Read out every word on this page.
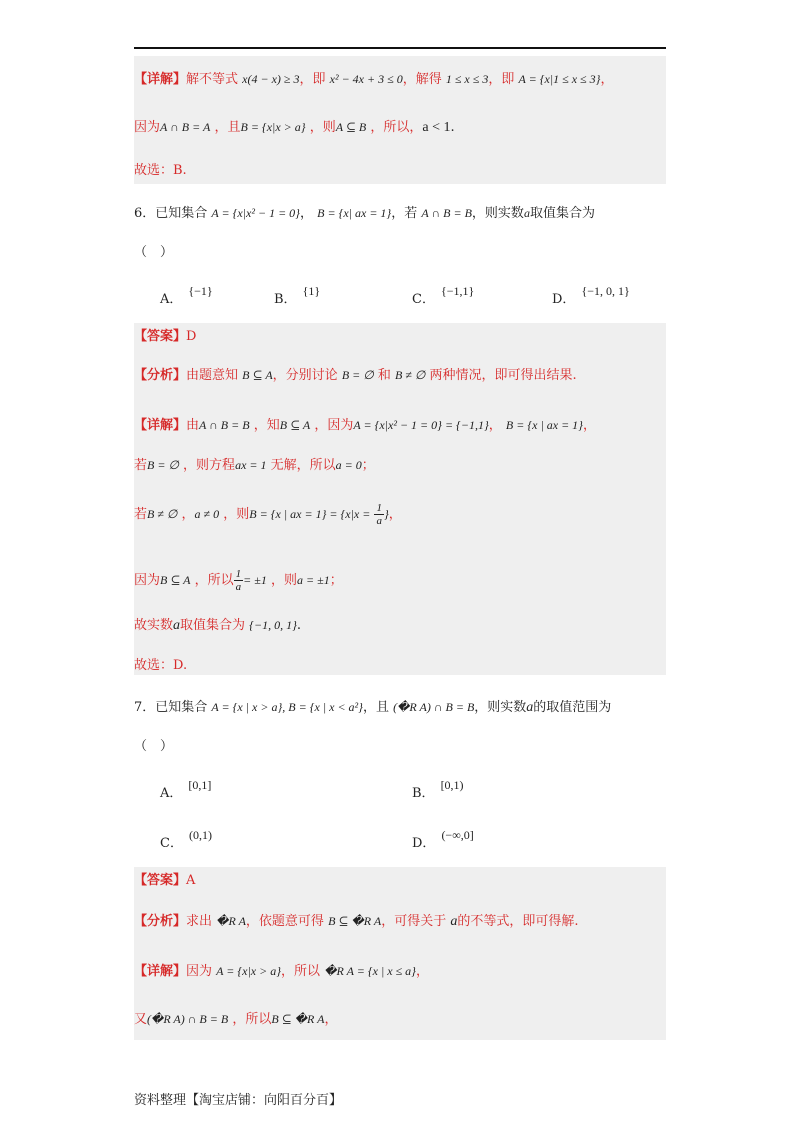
【详解】解不等式 x(4 − x) ≥ 3，即 x² − 4x + 3 ≤ 0，解得 1 ≤ x ≤ 3，即 A = {x|1 ≤ x ≤ 3}，
因为A ∩ B = A ，且B = {x|x > a} ，则A ⊆ B ，所以，a < 1.
故选：B.
6．已知集合 A = {x|x² − 1 = 0}， B = {x| ax = 1}，若 A ∩ B = B，则实数a取值集合为
（　）
A．{−1}
B．{1}
C．{−1,1}
D．{−1, 0, 1}
【答案】D
【分析】由题意知 B ⊆ A，分别讨论 B = ∅ 和 B ≠ ∅ 两种情况，即可得出结果.
【详解】由A ∩ B = B ，知B ⊆ A ，因为A = {x|x² − 1 = 0} = {−1,1}， B = {x | ax = 1}，
若B = ∅ ，则方程ax = 1 无解，所以a = 0；
若B ≠ ∅ ，a ≠ 0 ，则B = {x | ax = $1\} = \{x|x = \frac{1}{a}$ }，
因为B ⊆ A ，所以 $\frac{1}{a} = \pm 1$ ，则a = ±1；
故实数a取值集合为 {−1, 0, 1}.
故选：D.
7．已知集合 A = {x | x > a}, B = {x | x < a²}，且 (�R A) ∩ B = B，则实数a的取值范围为
（　）
A．[0,1]
B．[0,1)
C．(0,1)
D．(−∞,0]
【答案】A
【分析】求出 �R A，依题意可得 B ⊆ �R A，可得关于 a的不等式，即可得解.
【详解】因为 A = {x|x > a}，所以 �R A = {x | x ≤ a}，
又(�R A) ∩ B = B ，所以B ⊆ �R A，
资料整理【淘宝店铺：向阳百分百】
